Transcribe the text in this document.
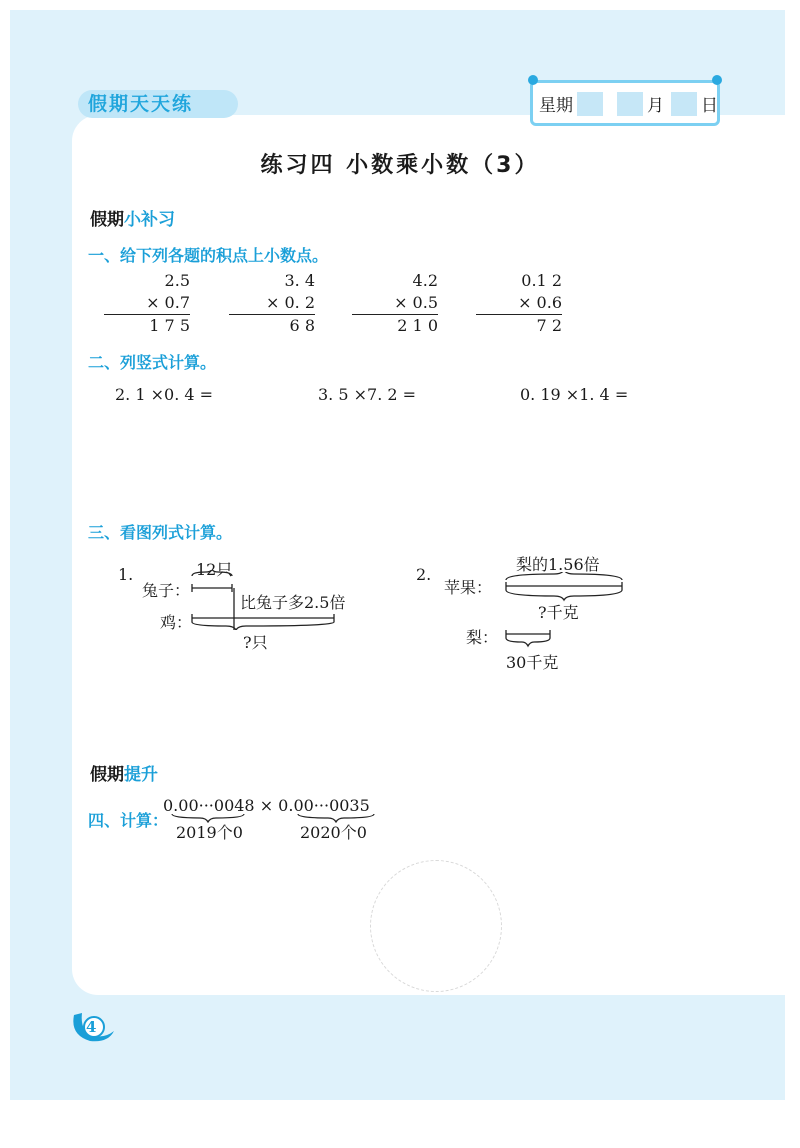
假期天天练	星期	月 日
练习四 小数乘小数（3）
假期小补习
一、给下列各题的积点上小数点。
2.5
× 0.7
1 7 5
3. 4
× 0. 2
6 8
4.2
× 0.5
2 1 0
0.1 2
× 0.6
7 2
二、列竖式计算。
2. 1 ×0. 4 =	3. 5 ×7. 2 =	0. 19 ×1. 4 =
三、看图列式计算。
1.
兔子：
12只
鸡：
比兔子多2.5倍
?只
2.
苹果：
梨的1.56倍
?千克
梨：
30千克
假期提升
四、计算：
0.00···0048 × 0.00···0035
2019个0	2020个0
4
